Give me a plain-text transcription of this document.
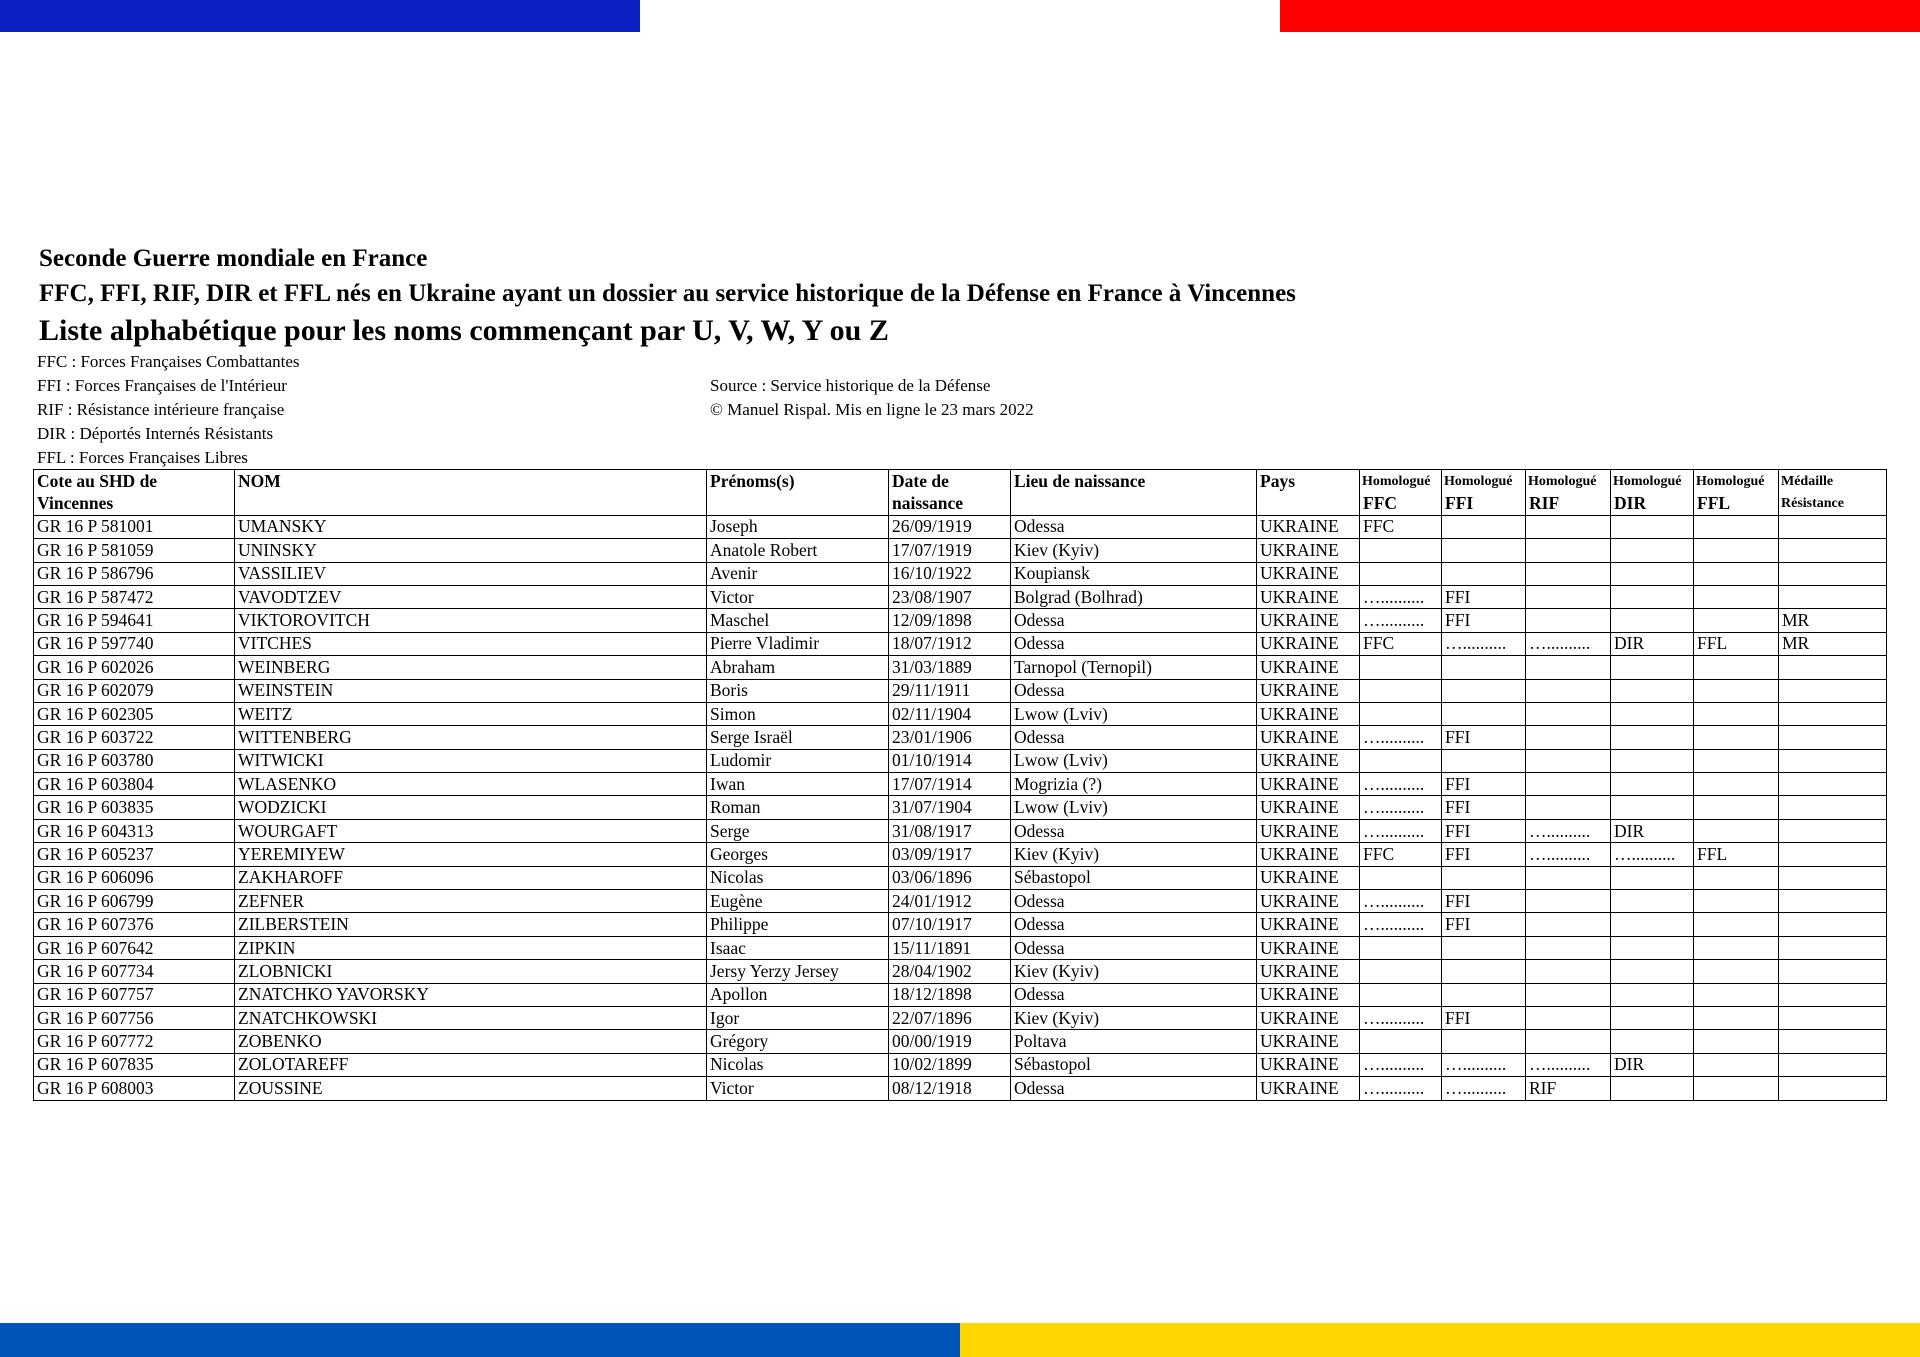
Seconde Guerre mondiale en France
FFC, FFI, RIF, DIR et FFL nés en Ukraine ayant un dossier au service historique de la Défense en France à Vincennes
Liste alphabétique pour les noms commençant par U, V, W, Y ou Z
FFC : Forces Françaises Combattantes
FFI : Forces Françaises de l'Intérieur
RIF : Résistance intérieure française
DIR : Déportés Internés Résistants
FFL : Forces Françaises Libres
Source : Service historique de la Défense
© Manuel Rispal. Mis en ligne le 23 mars 2022
Cote au SHD de	NOM	Prénoms(s)	Date de	Lieu de naissance	Pays	Homologué	Homologué	Homologué	Homologué	Homologué	Médaille
Vincennes			naissance			FFC	FFI	RIF	DIR	FFL	Résistance
GR 16 P 581001	UMANSKY	Joseph	26/09/1919	Odessa	UKRAINE	FFC					
GR 16 P 581059	UNINSKY	Anatole Robert	17/07/1919	Kiev (Kyiv)	UKRAINE						
GR 16 P 586796	VASSILIEV	Avenir	16/10/1922	Koupiansk	UKRAINE						
GR 16 P 587472	VAVODTZEV	Victor	23/08/1907	Bolgrad (Bolhrad)	UKRAINE	…..........	FFI				
GR 16 P 594641	VIKTOROVITCH	Maschel	12/09/1898	Odessa	UKRAINE	…..........	FFI				MR
GR 16 P 597740	VITCHES	Pierre Vladimir	18/07/1912	Odessa	UKRAINE	FFC	…..........	…..........	DIR	FFL	MR
GR 16 P 602026	WEINBERG	Abraham	31/03/1889	Tarnopol (Ternopil)	UKRAINE						
GR 16 P 602079	WEINSTEIN	Boris	29/11/1911	Odessa	UKRAINE						
GR 16 P 602305	WEITZ	Simon	02/11/1904	Lwow (Lviv)	UKRAINE						
GR 16 P 603722	WITTENBERG	Serge Israël	23/01/1906	Odessa	UKRAINE	…..........	FFI				
GR 16 P 603780	WITWICKI	Ludomir	01/10/1914	Lwow (Lviv)	UKRAINE						
GR 16 P 603804	WLASENKO	Iwan	17/07/1914	Mogrizia (?)	UKRAINE	…..........	FFI				
GR 16 P 603835	WODZICKI	Roman	31/07/1904	Lwow (Lviv)	UKRAINE	…..........	FFI				
GR 16 P 604313	WOURGAFT	Serge	31/08/1917	Odessa	UKRAINE	…..........	FFI	…..........	DIR		
GR 16 P 605237	YEREMIYEW	Georges	03/09/1917	Kiev (Kyiv)	UKRAINE	FFC	FFI	…..........	…..........	FFL	
GR 16 P 606096	ZAKHAROFF	Nicolas	03/06/1896	Sébastopol	UKRAINE						
GR 16 P 606799	ZEFNER	Eugène	24/01/1912	Odessa	UKRAINE	…..........	FFI				
GR 16 P 607376	ZILBERSTEIN	Philippe	07/10/1917	Odessa	UKRAINE	…..........	FFI				
GR 16 P 607642	ZIPKIN	Isaac	15/11/1891	Odessa	UKRAINE						
GR 16 P 607734	ZLOBNICKI	Jersy Yerzy Jersey	28/04/1902	Kiev (Kyiv)	UKRAINE						
GR 16 P 607757	ZNATCHKO YAVORSKY	Apollon	18/12/1898	Odessa	UKRAINE						
GR 16 P 607756	ZNATCHKOWSKI	Igor	22/07/1896	Kiev (Kyiv)	UKRAINE	…..........	FFI				
GR 16 P 607772	ZOBENKO	Grégory	00/00/1919	Poltava	UKRAINE						
GR 16 P 607835	ZOLOTAREFF	Nicolas	10/02/1899	Sébastopol	UKRAINE	…..........	…..........	…..........	DIR		
GR 16 P 608003	ZOUSSINE	Victor	08/12/1918	Odessa	UKRAINE	…..........	…..........	RIF			
